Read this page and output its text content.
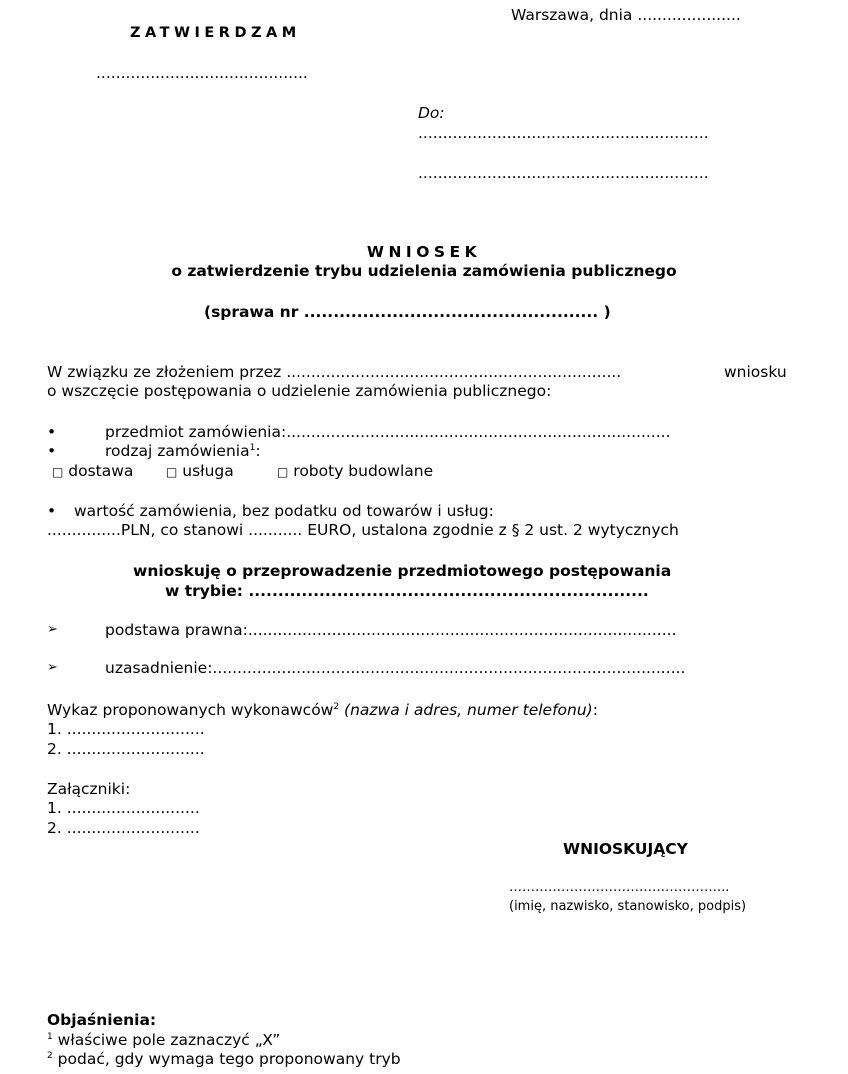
Warszawa, dnia .....................
ZATWIERDZAM
...........................................
Do:
...........................................................
...........................................................
WNIOSEK
o zatwierdzenie trybu udzielenia zamówienia publicznego
(sprawa nr .................................................. )
W związku ze złożeniem przez ....................................................................	wniosku
o wszczęcie postępowania o udzielenie zamówienia publicznego:
•	przedmiot zamówienia:..............................................................................
•	rodzaj zamówienia$^1$:
□ dostawa	□ usługa	□ roboty budowlane
• wartość zamówienia, bez podatku od towarów i usług:
...............PLN, co stanowi ........... EURO, ustalona zgodnie z § 2 ust. 2 wytycznych
wnioskuję o przeprowadzenie przedmiotowego postępowania
w trybie: ....................................................................
➢	podstawa prawna:.......................................................................................
➢	uzasadnienie:................................................................................................
Wykaz proponowanych wykonawców$^2$ (nazwa i adres, numer telefonu):
1. ............................
2. ............................
Załączniki:
1. ...........................
2. ...........................
WNIOSKUJĄCY
…………………………………………...
(imię, nazwisko, stanowisko, podpis)
Objaśnienia:
$^1$ właściwe pole zaznaczyć „X”
$^2$ podać, gdy wymaga tego proponowany tryb
